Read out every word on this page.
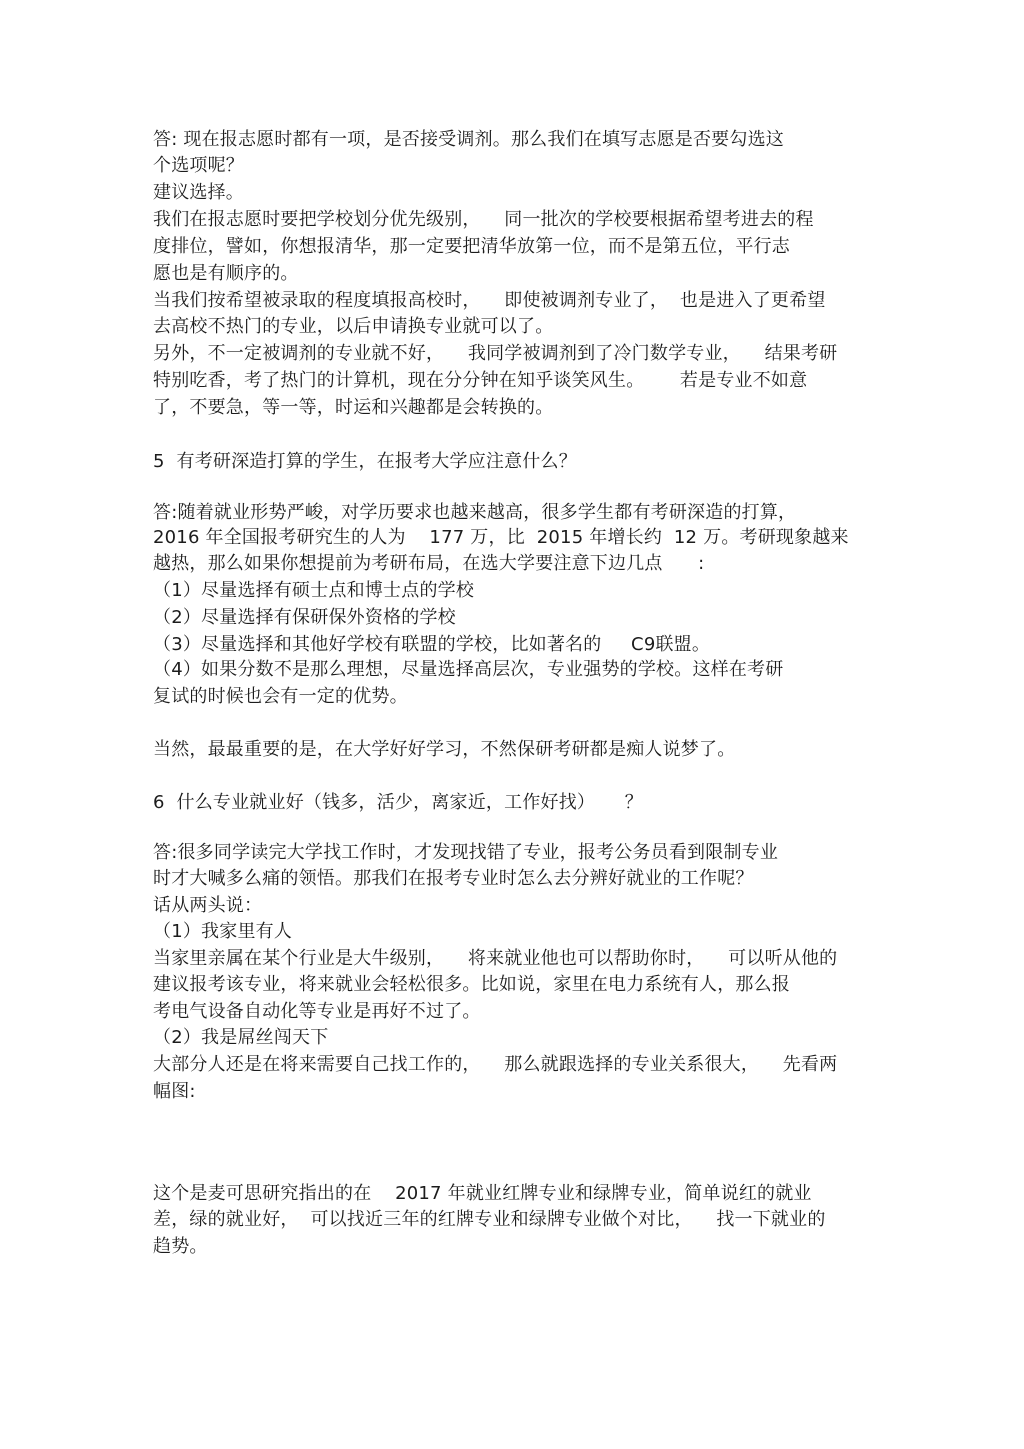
答: 现在报志愿时都有一项，是否接受调剂。那么我们在填写志愿是否要勾选这
个选项呢？
建议选择。
我们在报志愿时要把学校划分优先级别，    同一批次的学校要根据希望考进去的程
度排位，譬如，你想报清华，那一定要把清华放第一位，而不是第五位，平行志
愿也是有顺序的。
当我们按希望被录取的程度填报高校时，    即使被调剂专业了，  也是进入了更希望
去高校不热门的专业，以后申请换专业就可以了。
另外，不一定被调剂的专业就不好，    我同学被调剂到了冷门数学专业，    结果考研
特别吃香，考了热门的计算机，现在分分钟在知乎谈笑风生。      若是专业不如意
了，不要急，等一等，时运和兴趣都是会转换的。
5  有考研深造打算的学生，在报考大学应注意什么？
答:随着就业形势严峻，对学历要求也越来越高，很多学生都有考研深造的打算，
2016 年全国报考研究生的人为    177 万，比  2015 年增长约  12 万。考研现象越来
越热，那么如果你想提前为考研布局，在选大学要注意下边几点      :
（1）尽量选择有硕士点和博士点的学校
（2）尽量选择有保研保外资格的学校
（3）尽量选择和其他好学校有联盟的学校，比如著名的     C9联盟。
（4）如果分数不是那么理想，尽量选择高层次，专业强势的学校。这样在考研
复试的时候也会有一定的优势。
当然，最最重要的是，在大学好好学习，不然保研考研都是痴人说梦了。
6  什么专业就业好（钱多，活少，离家近，工作好找）     ？
答:很多同学读完大学找工作时，才发现找错了专业，报考公务员看到限制专业
时才大喊多么痛的领悟。那我们在报考专业时怎么去分辨好就业的工作呢？
话从两头说：
（1）我家里有人
当家里亲属在某个行业是大牛级别，    将来就业他也可以帮助你时，    可以听从他的
建议报考该专业，将来就业会轻松很多。比如说，家里在电力系统有人，那么报
考电气设备自动化等专业是再好不过了。
（2）我是屌丝闯天下
大部分人还是在将来需要自己找工作的，    那么就跟选择的专业关系很大，    先看两
幅图:
这个是麦可思研究指出的在    2017 年就业红牌专业和绿牌专业，简单说红的就业
差，绿的就业好，  可以找近三年的红牌专业和绿牌专业做个对比，    找一下就业的
趋势。
